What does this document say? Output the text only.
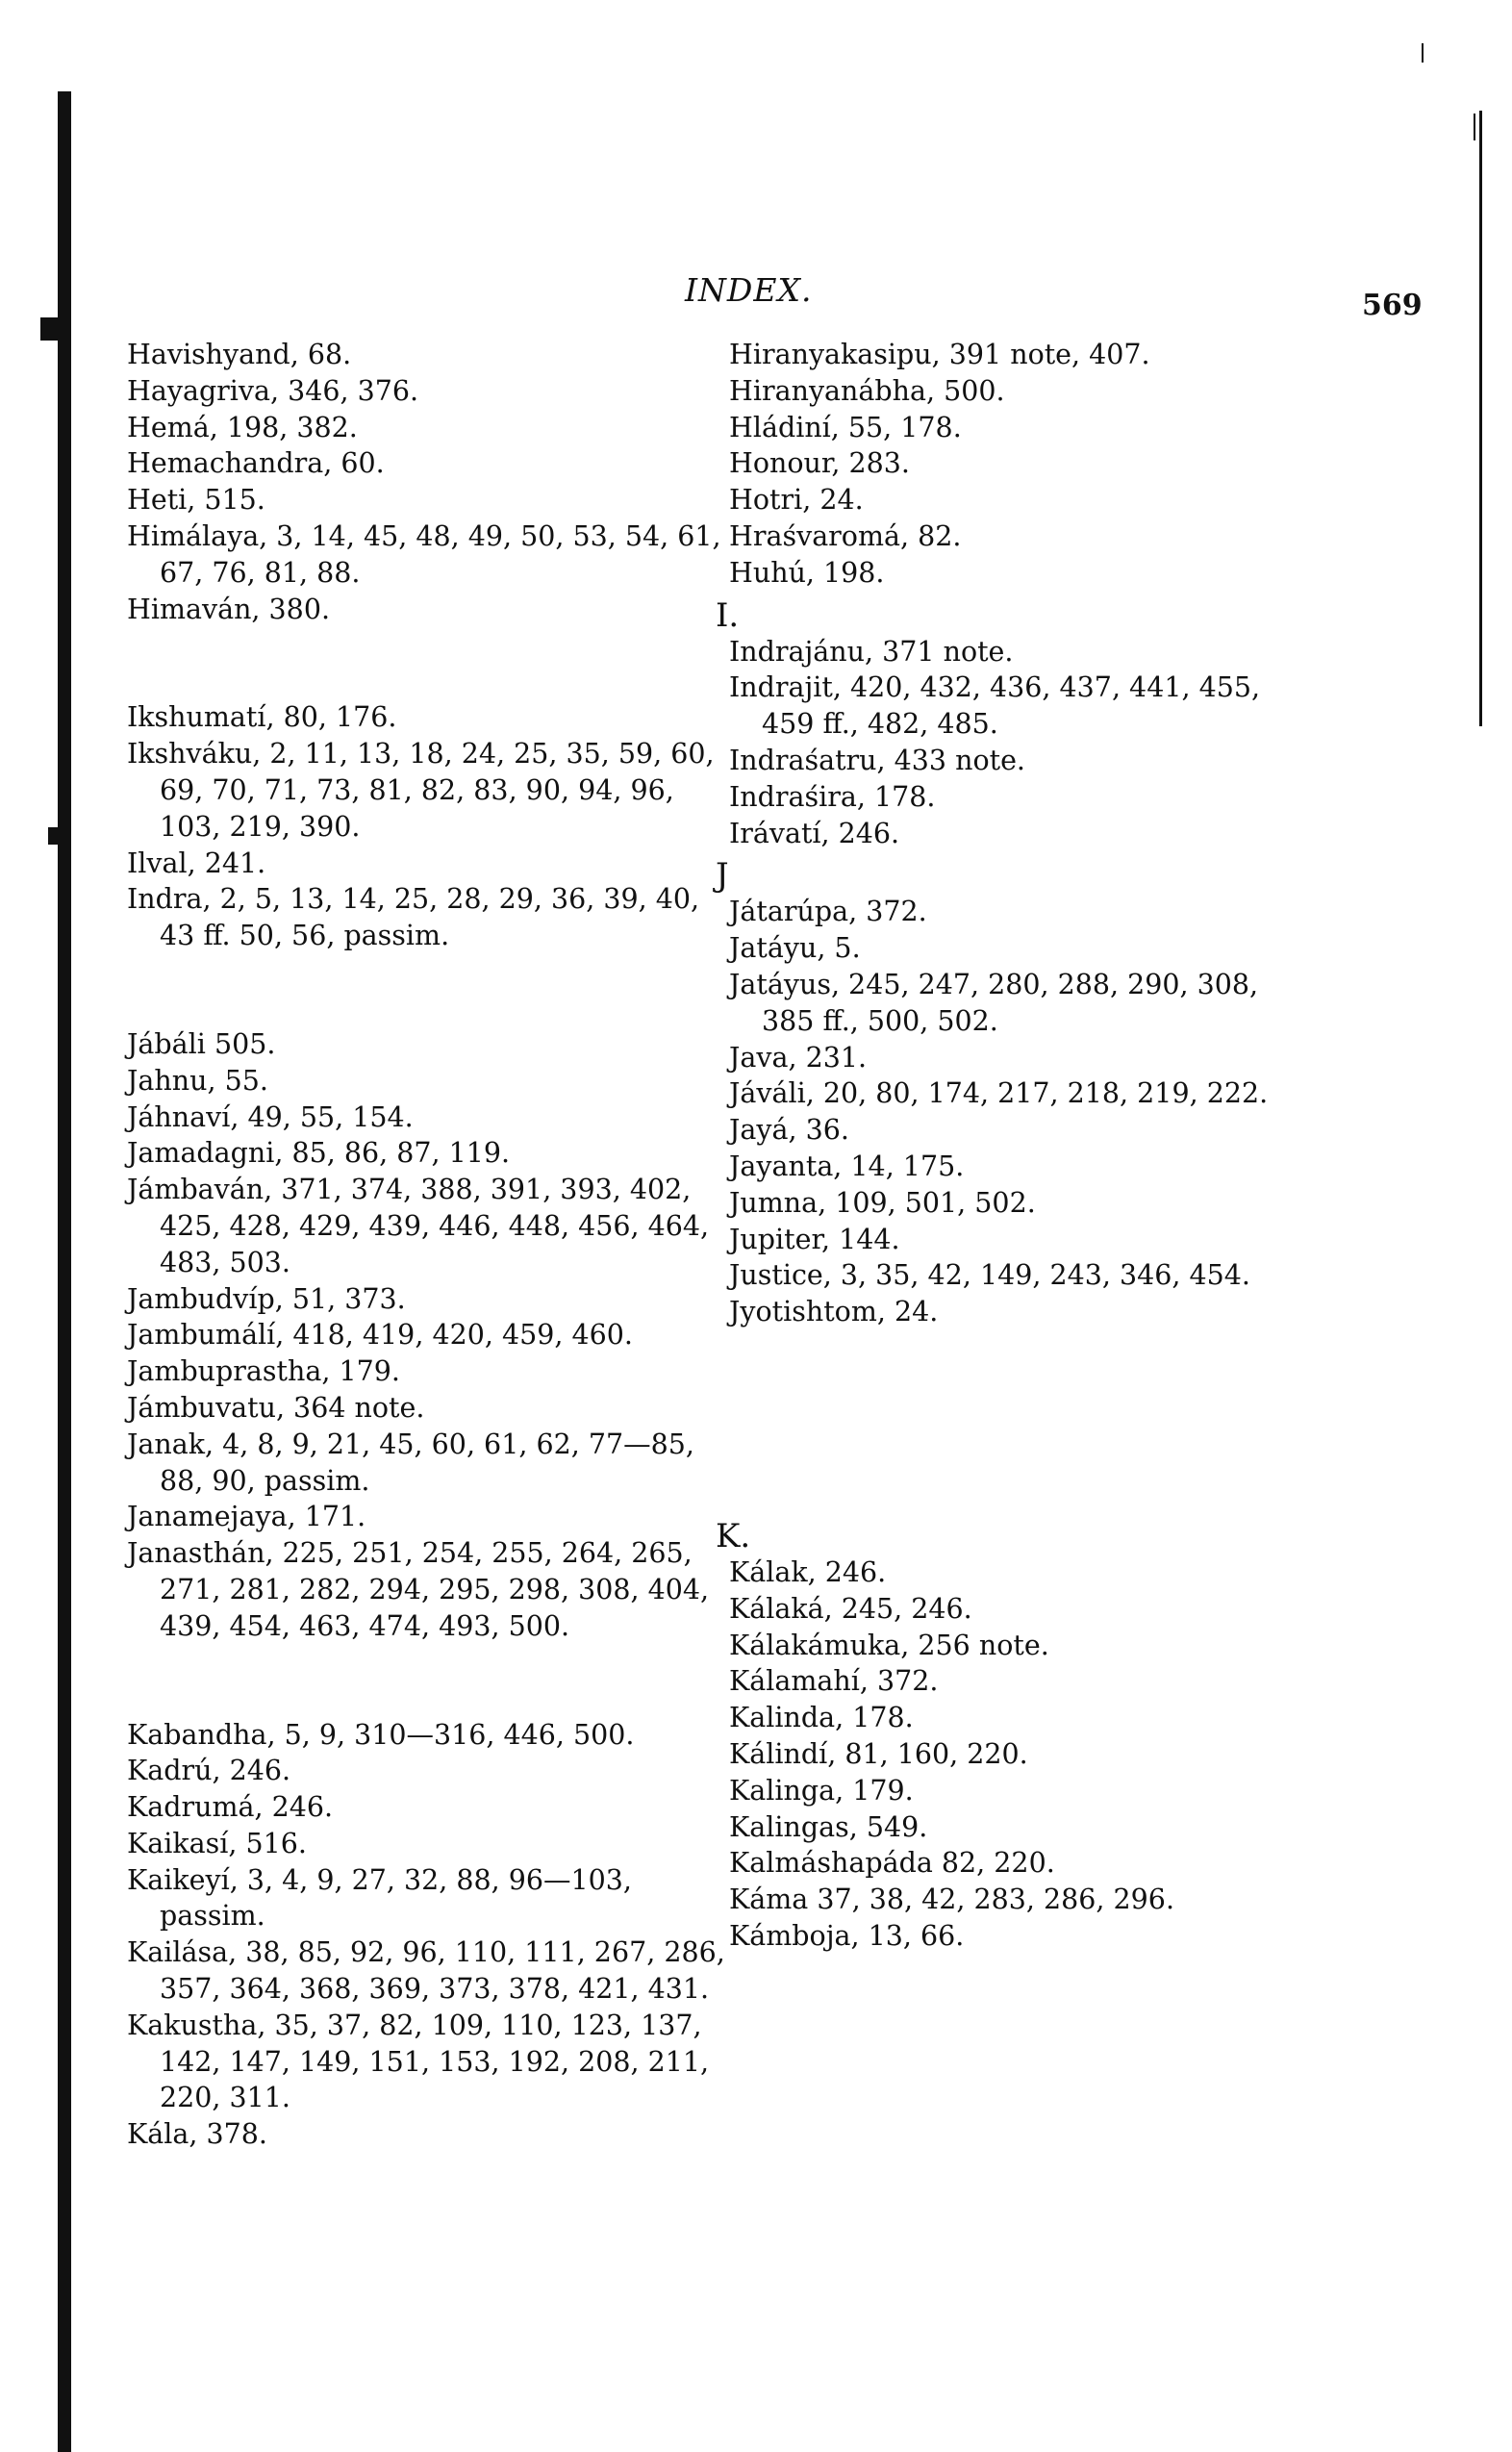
INDEX.	569
Havishyand, 68.
Hayagriva, 346, 376.
Hemá, 198, 382.
Hemachandra, 60.
Heti, 515.
Himálaya, 3, 14, 45, 48, 49, 50, 53, 54, 61, 67, 76, 81, 88.
Himaván, 380.
Ikshumatí, 80, 176.
Ikshváku, 2, 11, 13, 18, 24, 25, 35, 59, 60, 69, 70, 71, 73, 81, 82, 83, 90, 94, 96, 103, 219, 390.
Ilval, 241.
Indra, 2, 5, 13, 14, 25, 28, 29, 36, 39, 40, 43 ff. 50, 56, passim.
Jábáli 505.
Jahnu, 55.
Jáhnaví, 49, 55, 154.
Jamadagni, 85, 86, 87, 119.
Jámbaván, 371, 374, 388, 391, 393, 402, 425, 428, 429, 439, 446, 448, 456, 464, 483, 503.
Jambudvíp, 51, 373.
Jambumálí, 418, 419, 420, 459, 460.
Jambuprastha, 179.
Jámbuvatu, 364 note.
Janak, 4, 8, 9, 21, 45, 60, 61, 62, 77—85, 88, 90, passim.
Janamejaya, 171.
Janasthán, 225, 251, 254, 255, 264, 265, 271, 281, 282, 294, 295, 298, 308, 404, 439, 454, 463, 474, 493, 500.
Kabandha, 5, 9, 310—316, 446, 500.
Kadrú, 246.
Kadrumá, 246.
Kaikasí, 516.
Kaikeyí, 3, 4, 9, 27, 32, 88, 96—103, passim.
Kailása, 38, 85, 92, 96, 110, 111, 267, 286, 357, 364, 368, 369, 373, 378, 421, 431.
Kakustha, 35, 37, 82, 109, 110, 123, 137, 142, 147, 149, 151, 153, 192, 208, 211, 220, 311.
Kála, 378.
Hiranyakasipu, 391 note, 407.
Hiranyanábha, 500.
Hládiní, 55, 178.
Honour, 283.
Hotri, 24.
Hraśvaromá, 82.
Huhú, 198.
I.
Indrajánu, 371 note.
Indrajit, 420, 432, 436, 437, 441, 455, 459 ff., 482, 485.
Indraśatru, 433 note.
Indraśira, 178.
Irávatí, 246.
J
Játarúpa, 372.
Jatáyu, 5.
Jatáyus, 245, 247, 280, 288, 290, 308, 385 ff., 500, 502.
Java, 231.
Jáváli, 20, 80, 174, 217, 218, 219, 222.
Jayá, 36.
Jayanta, 14, 175.
Jumna, 109, 501, 502.
Jupiter, 144.
Justice, 3, 35, 42, 149, 243, 346, 454.
Jyotishtom, 24.
K.
Kálak, 246.
Kálaká, 245, 246.
Kálakámuka, 256 note.
Kálamahí, 372.
Kalinda, 178.
Kálindí, 81, 160, 220.
Kalinga, 179.
Kalingas, 549.
Kalmáshapáda 82, 220.
Káma 37, 38, 42, 283, 286, 296.
Kámboja, 13, 66.
